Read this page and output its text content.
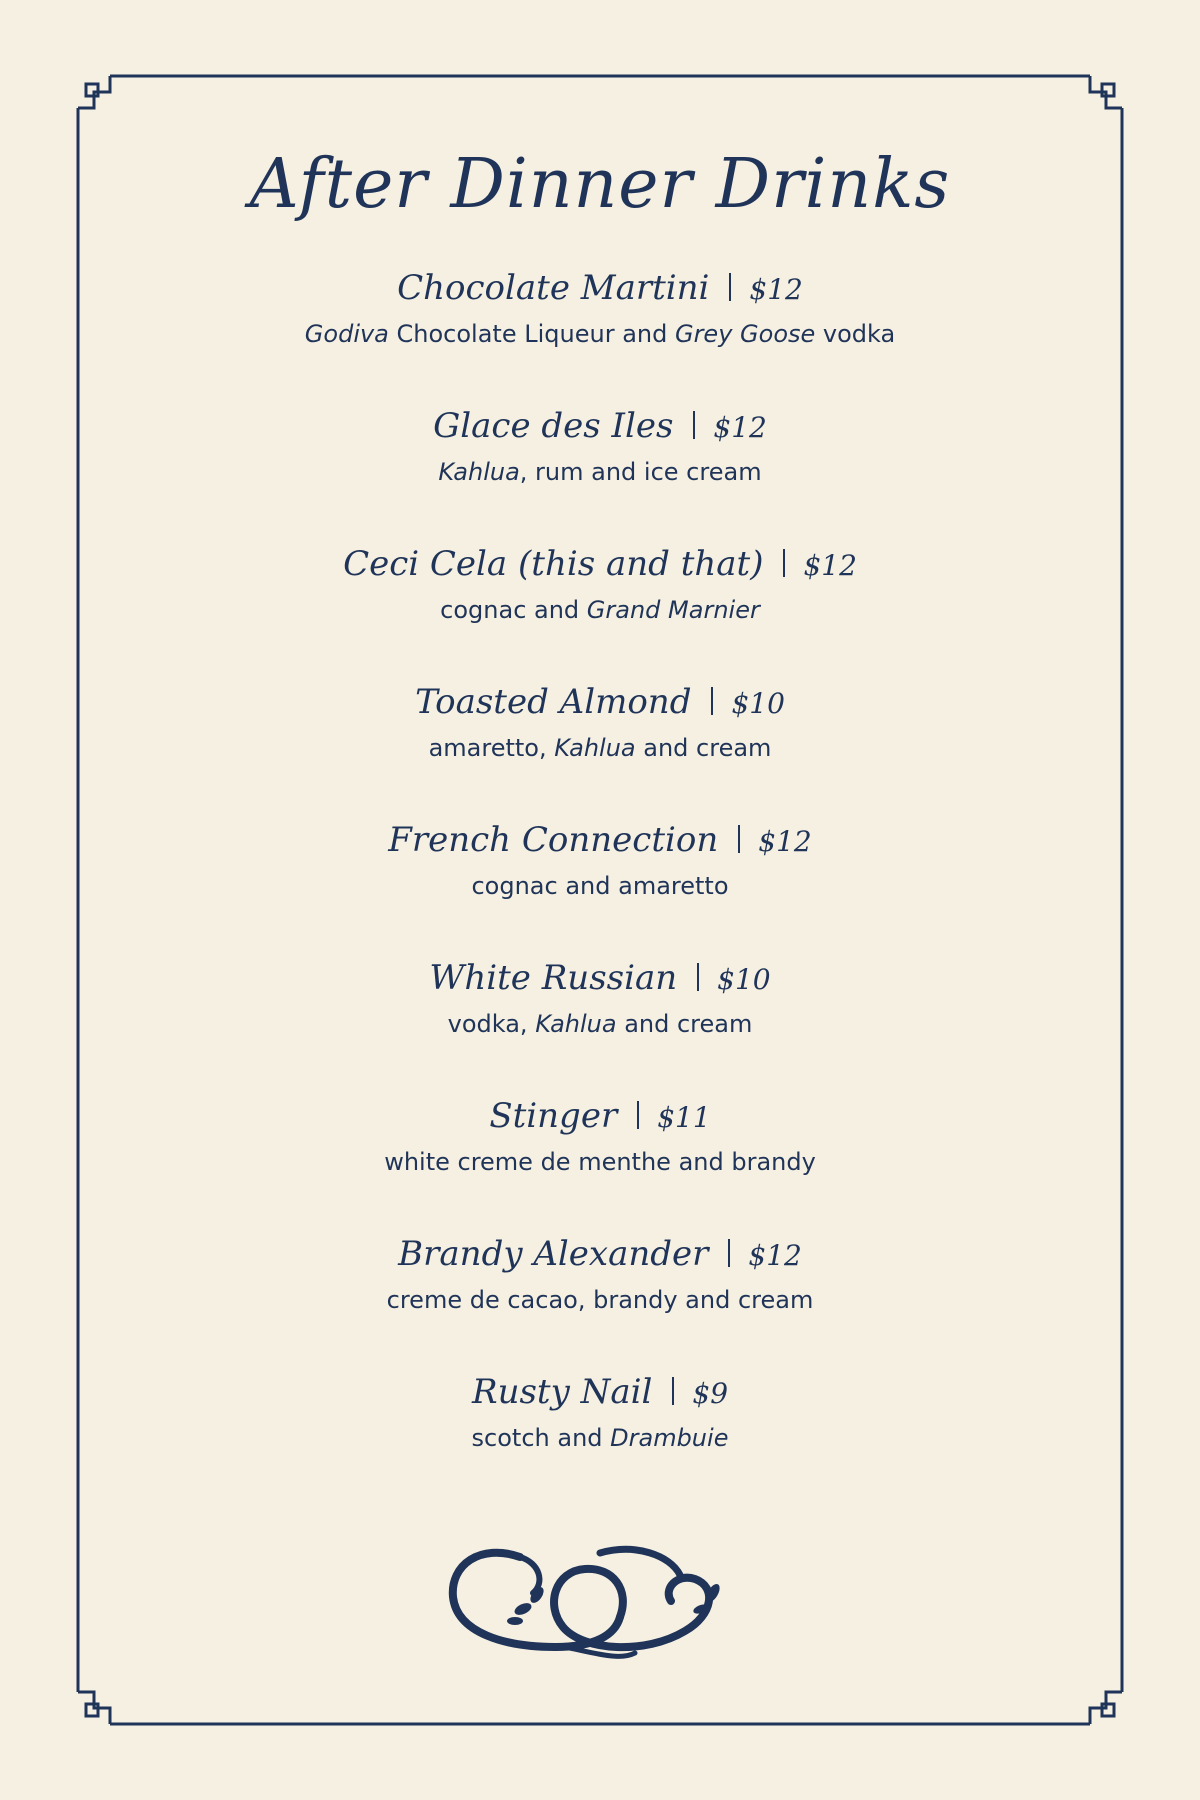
After Dinner Drinks
Chocolate Martini $12
Godiva Chocolate Liqueur and Grey Goose vodka
Glace des Iles $12
Kahlua, rum and ice cream
Ceci Cela (this and that) $12
cognac and Grand Marnier
Toasted Almond $10
amaretto, Kahlua and cream
French Connection $12
cognac and amaretto
White Russian $10
vodka, Kahlua and cream
Stinger $11
white creme de menthe and brandy
Brandy Alexander $12
creme de cacao, brandy and cream
Rusty Nail $9
scotch and Drambuie
